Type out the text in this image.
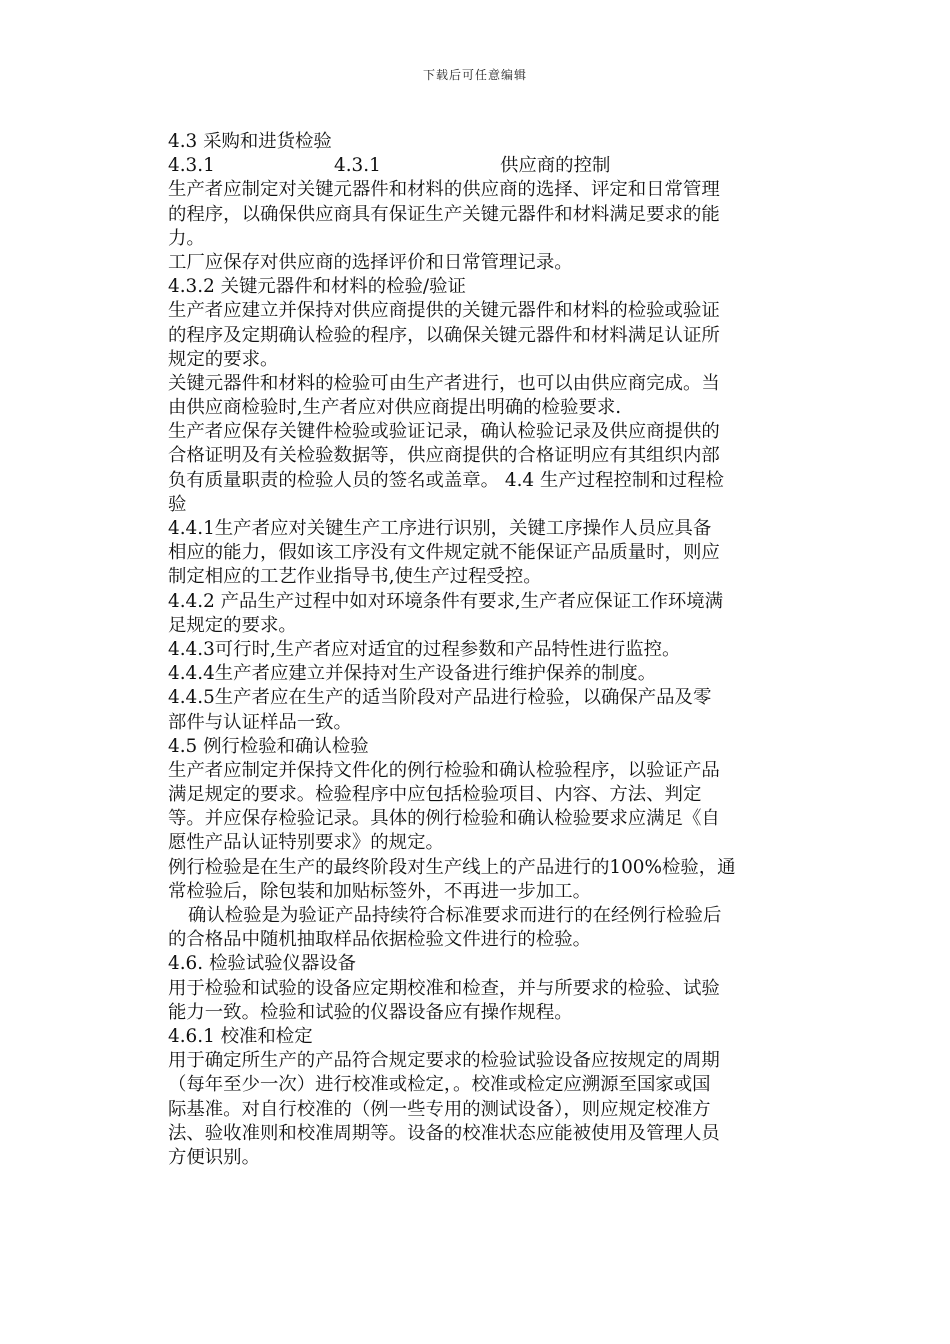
下载后可任意编辑
4.3 采购和进货检验
4.3.1	4.3.1	供应商的控制
生产者应制定对关键元器件和材料的供应商的选择、评定和日常管理
的程序，以确保供应商具有保证生产关键元器件和材料满足要求的能
力。
工厂应保存对供应商的选择评价和日常管理记录。
4.3.2 关键元器件和材料的检验/验证
生产者应建立并保持对供应商提供的关键元器件和材料的检验或验证
的程序及定期确认检验的程序，以确保关键元器件和材料满足认证所
规定的要求。
关键元器件和材料的检验可由生产者进行，也可以由供应商完成。当
由供应商检验时,生产者应对供应商提出明确的检验要求.
生产者应保存关键件检验或验证记录，确认检验记录及供应商提供的
合格证明及有关检验数据等，供应商提供的合格证明应有其组织内部
负有质量职责的检验人员的签名或盖章。 4.4 生产过程控制和过程检
验
4.4.1生产者应对关键生产工序进行识别，关键工序操作人员应具备
相应的能力，假如该工序没有文件规定就不能保证产品质量时，则应
制定相应的工艺作业指导书,使生产过程受控。
4.4.2 产品生产过程中如对环境条件有要求,生产者应保证工作环境满
足规定的要求。
4.4.3可行时,生产者应对适宜的过程参数和产品特性进行监控。
4.4.4生产者应建立并保持对生产设备进行维护保养的制度。
4.4.5生产者应在生产的适当阶段对产品进行检验，以确保产品及零
部件与认证样品一致。
4.5 例行检验和确认检验
生产者应制定并保持文件化的例行检验和确认检验程序，以验证产品
满足规定的要求。检验程序中应包括检验项目、内容、方法、判定
等。并应保存检验记录。具体的例行检验和确认检验要求应满足《自
愿性产品认证特别要求》的规定。
例行检验是在生产的最终阶段对生产线上的产品进行的100%检验，通
常检验后，除包装和加贴标签外，不再进一步加工。
确认检验是为验证产品持续符合标准要求而进行的在经例行检验后
的合格品中随机抽取样品依据检验文件进行的检验。
4.6. 检验试验仪器设备
用于检验和试验的设备应定期校准和检查，并与所要求的检验、试验
能力一致。检验和试验的仪器设备应有操作规程。
4.6.1 校准和检定
用于确定所生产的产品符合规定要求的检验试验设备应按规定的周期
（每年至少一次）进行校准或检定，。校准或检定应溯源至国家或国
际基准。对自行校准的（例一些专用的测试设备），则应规定校准方
法、验收准则和校准周期等。设备的校准状态应能被使用及管理人员
方便识别。
